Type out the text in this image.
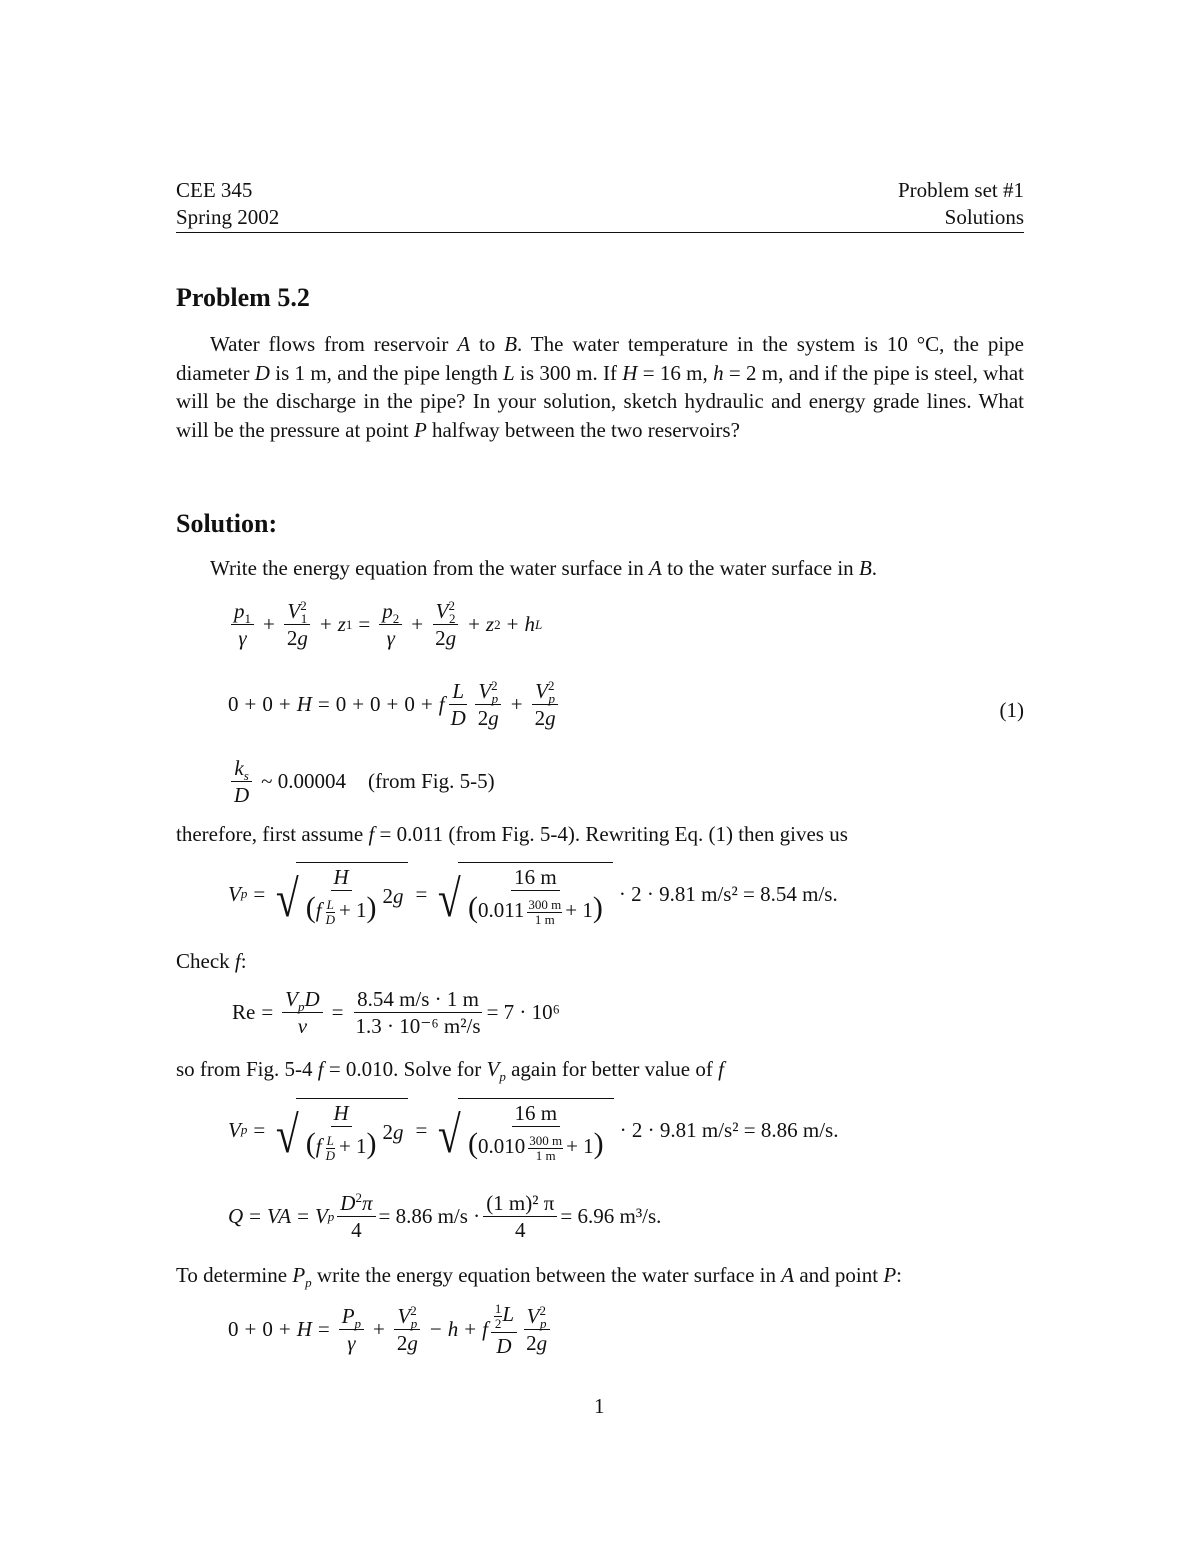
CEE 345
Spring 2002
Problem set #1
Solutions
Problem 5.2
Water flows from reservoir A to B. The water temperature in the system is 10 °C, the pipe diameter D is 1 m, and the pipe length L is 300 m. If H = 16 m, h = 2 m, and if the pipe is steel, what will be the discharge in the pipe? In your solution, sketch hydraulic and energy grade lines. What will be the pressure at point P halfway between the two reservoirs?
Solution:
Write the energy equation from the water surface in A to the water surface in B.
$\frac{p_1}{\gamma} + \frac{V^2_1}{2g} + z$ $1 = \frac{p_2}{\gamma} + \frac{V^2_2}{2g} + z$ 2 + h L
0 + 0 + H = 0 + 0 + 0 + f $\frac{L}{D} \frac{V^2_p}{2g} + \frac{V^2_p}{2g}$	(1)
$\frac{k_s}{D}$ ~ 0.00004 (from Fig. 5-5)
therefore, first assume f = 0.011 (from Fig. 5-4). Rewriting Eq. (1) then gives us
V p = √ $\frac{H}{(f \frac{L}{D} + 1)} 2$ g = √ $\frac{16 m}{(0.011 \frac{300 m}{1 m} + 1)} \cdot 2 \cdot 9.81$ m/s² = 8.54 m/s.
Check f:
$Re = \frac{V_pD}{\nu} = \frac{8.54 m/s \cdot 1 m}{\text{1.3 · 10⁻⁶ m²/s}} = 7 \cdot 10^6$
so from Fig. 5-4 f = 0.010. Solve for $V_p$ again for better value of f
V p = √ $\frac{H}{(f \frac{L}{D} + 1)} 2$ g = √ $\frac{16 m}{(0.010 \frac{300 m}{1 m} + 1)} \cdot 2 \cdot 9.81$ m/s² = 8.86 m/s.
Q = VA = V p $\frac{D^2\pi}{4} = 8.86$ $m/s \cdot \frac{\text{(1 m)² π}}{4} = 6.96$ m³/s.
To determine $P_p$ write the energy equation between the water surface in A and point P:
$0 + 0 + H = \frac{P_p}{\gamma} + \frac{V^2_p}{2g} - h + f \frac{\frac{1}{2} L}{D} \frac{V^2_p}{2g}$
1
